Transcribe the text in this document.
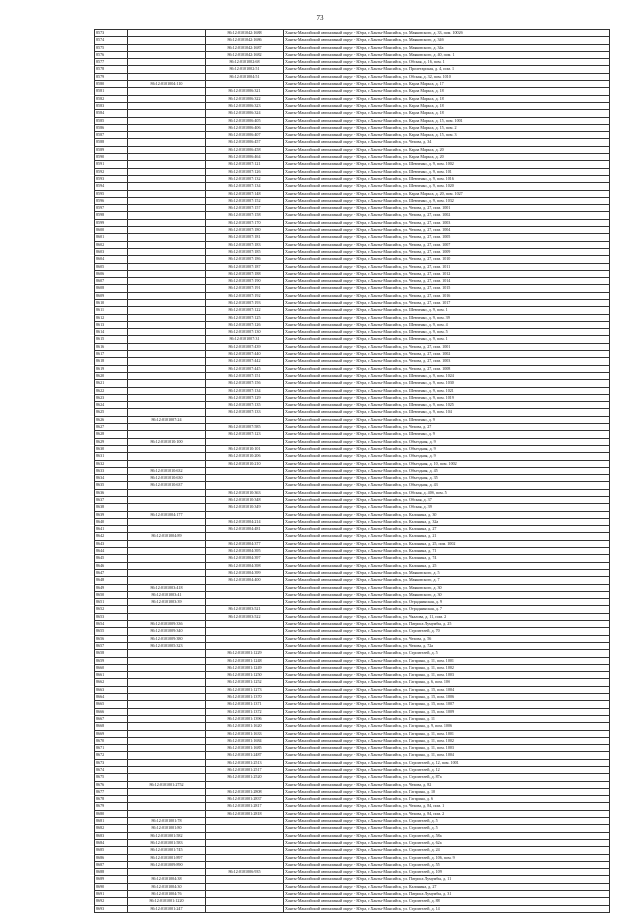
73
8573		86:12:0101042:1688	Ханты-Мансийский автономный округ - Югра, г.Ханты-Мансийск, ул. Маяковского, д. 33, пом. 1002б
8574		86:12:0101042:1686	Ханты-Мансийский автономный округ - Югра, г.Ханты-Мансийск, ул. Маяковского, д. 34б
8575		86:12:0101042:1687	Ханты-Мансийский автономный округ - Югра, г.Ханты-Мансийск, ул. Маяковского, д. 34а
8576		86:12:0101042:1682	Ханты-Мансийский автономный округ - Югра, г.Ханты-Мансийск, ул. Маяковского, д. 40, пом. 1
8577		86:12:0101002:68	Ханты-Мансийский автономный округ - Югра, г.Ханты-Мансийск, ул. Обская, д. 16, пом. 1
8578		86:12:0101002:51	Ханты-Мансийский автономный округ - Югра, г.Ханты-Мансийск, ул. Пролетарская, д. 4, пом. 1
8579		86:12:0101004:51	Ханты-Мансийский автономный округ - Югра, г.Ханты-Мансийск, ул. Обская, д. 32, пом. 1010
8580	86:12:0101004:110		Ханты-Мансийский автономный округ - Югра, г.Ханты-Мансийск, ул. Карла Маркса, д. 17
8581		86:12:0101006:321	Ханты-Мансийский автономный округ - Югра, г.Ханты-Мансийск, ул. Карла Маркса, д. 18
8582		86:12:0101006:322	Ханты-Мансийский автономный округ - Югра, г.Ханты-Мансийск, ул. Карла Маркса, д. 18
8583		86:12:0101006:323	Ханты-Мансийский автономный округ - Югра, г.Ханты-Мансийск, ул. Карла Маркса, д. 18
8584		86:12:0101006:324	Ханты-Мансийский автономный округ - Югра, г.Ханты-Мансийск, ул. Карла Маркса, д. 18
8585		86:12:0101006:405	Ханты-Мансийский автономный округ - Югра, г.Ханты-Мансийск, ул. Карла Маркса, д. 15, пом. 1001
8586		86:12:0101006:406	Ханты-Мансийский автономный округ - Югра, г.Ханты-Мансийск, ул. Карла Маркса, д. 15, пом. 2
8587		86:12:0101006:407	Ханты-Мансийский автономный округ - Югра, г.Ханты-Мансийск, ул. Карла Маркса, д. 15, пом. 3
8588		86:12:0101006:457	Ханты-Мансийский автономный округ - Югра, г.Ханты-Мансийск, ул. Чехова, д. 34
8589		86:12:0101006:458	Ханты-Мансийский автономный округ - Югра, г.Ханты-Мансийск, ул. Карла Маркса, д. 20
8590		86:12:0101006:464	Ханты-Мансийский автономный округ - Югра, г.Ханты-Мансийск, ул. Карла Маркса, д. 20
8591		86:12:0101007:121	Ханты-Мансийский автономный округ - Югра, г.Ханты-Мансийск, ул. Шевченко, д. 9, пом. 1002
8592		86:12:0101007:126	Ханты-Мансийский автономный округ - Югра, г.Ханты-Мансийск, ул. Шевченко, д. 9, пом. 101
8593		86:12:0101007:132	Ханты-Мансийский автономный округ - Югра, г.Ханты-Мансийск, ул. Шевченко, д. 9, пом. 1016
8594		86:12:0101007:134	Ханты-Мансийский автономный округ - Югра, г.Ханты-Мансийск, ул. Шевченко, д. 9, пом. 1020
8595		86:12:0101007:148	Ханты-Мансийский автономный округ - Югра, г.Ханты-Мансийск, ул. Карла Маркса, д. 20, пом. 1027
8596		86:12:0101007:152	Ханты-Мансийский автономный округ - Югра, г.Ханты-Мансийск, ул. Шевченко, д. 9, пом. 1032
8597		86:12:0101007:157	Ханты-Мансийский автономный округ - Югра, г.Ханты-Мансийск, ул. Чехова, д. 27, пом. 1001
8598		86:12:0101007:158	Ханты-Мансийский автономный округ - Югра, г.Ханты-Мансийск, ул. Чехова, д. 27, пом. 1002
8599		86:12:0101007:170	Ханты-Мансийский автономный округ - Югра, г.Ханты-Мансийск, ул. Чехова, д. 27, пом. 1003
8600		86:12:0101007:180	Ханты-Мансийский автономный округ - Югра, г.Ханты-Мансийск, ул. Чехова, д. 27, пом. 1004
8601		86:12:0101007:181	Ханты-Мансийский автономный округ - Югра, г.Ханты-Мансийск, ул. Чехова, д. 27, пом. 1005
8602		86:12:0101007:183	Ханты-Мансийский автономный округ - Югра, г.Ханты-Мансийск, ул. Чехова, д. 27, пом. 1007
8603		86:12:0101007:185	Ханты-Мансийский автономный округ - Югра, г.Ханты-Мансийск, ул. Чехова, д. 27, пом. 1009
8604		86:12:0101007:186	Ханты-Мансийский автономный округ - Югра, г.Ханты-Мансийск, ул. Чехова, д. 27, пом. 1010
8605		86:12:0101007:187	Ханты-Мансийский автономный округ - Югра, г.Ханты-Мансийск, ул. Чехова, д. 27, пом. 1011
8606		86:12:0101007:188	Ханты-Мансийский автономный округ - Югра, г.Ханты-Мансийск, ул. Чехова, д. 27, пом. 1012
8607		86:12:0101007:190	Ханты-Мансийский автономный округ - Югра, г.Ханты-Мансийск, ул. Чехова, д. 27, пом. 1014
8608		86:12:0101007:191	Ханты-Мансийский автономный округ - Югра, г.Ханты-Мансийск, ул. Чехова, д. 27, пом. 1015
8609		86:12:0101007:192	Ханты-Мансийский автономный округ - Югра, г.Ханты-Мансийск, ул. Чехова, д. 27, пом. 1016
8610		86:12:0101007:193	Ханты-Мансийский автономный округ - Югра, г.Ханты-Мансийск, ул. Чехова, д. 27, пом. 1017
8611		86:12:0101007:122	Ханты-Мансийский автономный округ - Югра, г.Ханты-Мансийск, ул. Шевченко, д. 9, пом. 1
8612		86:12:0101007:125	Ханты-Мансийский автономный округ - Югра, г.Ханты-Мансийск, ул. Шевченко, д. 9, пом. 39
8613		86:12:0101007:126	Ханты-Мансийский автономный округ - Югра, г.Ханты-Мансийск, ул. Шевченко, д. 9, пом. 4
8614		86:12:0101007:130	Ханты-Мансийский автономный округ - Югра, г.Ханты-Мансийск, ул. Шевченко, д. 9, пом. 5
8615		86:12:0101007:31	Ханты-Мансийский автономный округ - Югра, г.Ханты-Мансийск, ул. Шевченко, д. 9, пом. 1
8616		86:12:0101007:439	Ханты-Мансийский автономный округ - Югра, г.Ханты-Мансийск, ул. Чехова, д. 27, пом. 1001
8617		86:12:0101007:440	Ханты-Мансийский автономный округ - Югра, г.Ханты-Мансийск, ул. Чехова, д. 27, пом. 1002
8618		86:12:0101007:442	Ханты-Мансийский автономный округ - Югра, г.Ханты-Мансийск, ул. Чехова, д. 27, пом. 1003
8619		86:12:0101007:445	Ханты-Мансийский автономный округ - Югра, г.Ханты-Мансийск, ул. Чехова, д. 27, пом. 1008
8620		86:12:0101007:151	Ханты-Мансийский автономный округ - Югра, г.Ханты-Мансийск, ул. Шевченко, д. 9, пом. 1024
8621		86:12:0101007:156	Ханты-Мансийский автономный округ - Югра, г.Ханты-Мансийск, ул. Шевченко, д. 9, пом. 1030
8622		86:12:0101007:134	Ханты-Мансийский автономный округ - Югра, г.Ханты-Мансийск, ул. Шевченко, д. 9, пом. 1021
8623		86:12:0101007:129	Ханты-Мансийский автономный округ - Югра, г.Ханты-Мансийск, ул. Шевченко, д. 9, пом. 1019
8624		86:12:0101007:135	Ханты-Мансийский автономный округ - Югра, г.Ханты-Мансийск, ул. Шевченко, д. 9, пом. 1025
8625		86:12:0101007:133	Ханты-Мансийский автономный округ - Югра, г.Ханты-Мансийск, ул. Шевченко, д. 9, пом. 104
8626	86:12:0101007:24		Ханты-Мансийский автономный округ - Югра, г.Ханты-Мансийск, ул. Шевченко, д. 9
8627		86:12:0101007:585	Ханты-Мансийский автономный округ - Югра, г.Ханты-Мансийск, ул. Чехова, д. 27
8628		86:12:0101007:123	Ханты-Мансийский автономный округ - Югра, г.Ханты-Мансийск, ул. Шевченко, д. 9
8629	86:12:0101010:100		Ханты-Мансийский автономный округ - Югра, г.Ханты-Мансийск, ул. Объездная, д. 9
8630		86:12:0101010:101	Ханты-Мансийский автономный округ - Югра, г.Ханты-Мансийск, ул. Объездная, д. 9
8631		86:12:0101010:206	Ханты-Мансийский автономный округ - Югра, г.Ханты-Мансийск, ул. Объездная, д. 9
8632		86:12:0101010:210	Ханты-Мансийский автономный округ - Югра, г.Ханты-Мансийск, ул. Объездная, д. 10, пом. 1002
8633	86:12:0101010:632		Ханты-Мансийский автономный округ - Югра, г.Ханты-Мансийск, ул. Объездная, д. 45
8634	86:12:0101010:630		Ханты-Мансийский автономный округ - Югра, г.Ханты-Мансийск, ул. Объездная, д. 35
8635	86:12:0101010:637		Ханты-Мансийский автономный округ - Югра, г.Ханты-Мансийск, ул. Объездная, д. 43
8636		86:12:0101010:363	Ханты-Мансийский автономный округ - Югра, г.Ханты-Мансийск, ул. Обская, д. 40б, пом. 5
8637		86:12:0101010:348	Ханты-Мансийский автономный округ - Югра, г.Ханты-Мансийск, ул. Обская, д. 37
8638		86:12:0101010:349	Ханты-Мансийский автономный округ - Югра, г.Ханты-Мансийск, ул. Обская, д. 39
8639	86:12:0101004:177		Ханты-Мансийский автономный округ - Югра, г.Ханты-Мансийск, ул. Калинина, д. 30
8640		86:12:0101004:214	Ханты-Мансийский автономный округ - Югра, г.Ханты-Мансийск, ул. Калинина, д. 32а
8641		86:12:0101004:481	Ханты-Мансийский автономный округ - Югра, г.Ханты-Мансийск, ул. Калинина, д. 27
8642	86:12:0101004:89		Ханты-Мансийский автономный округ - Югра, г.Ханты-Мансийск, ул. Калинина, д. 21
8643		86:12:0101004:377	Ханты-Мансийский автономный округ - Югра, г.Ханты-Мансийск, ул. Калинина, д. 25, пом. 1002
8644		86:12:0101004:395	Ханты-Мансийский автономный округ - Югра, г.Ханты-Мансийск, ул. Калинина, д. 71
8645		86:12:0101004:397	Ханты-Мансийский автономный округ - Югра, г.Ханты-Мансийск, ул. Калинина, д. 74
8646		86:12:0101004:398	Ханты-Мансийский автономный округ - Югра, г.Ханты-Мансийск, ул. Калинина, д. 25
8647		86:12:0101004:399	Ханты-Мансийский автономный округ - Югра, г.Ханты-Мансийск, ул. Маяковского, д. 5
8648		86:12:0101004:400	Ханты-Мансийский автономный округ - Югра, г.Ханты-Мансийск, ул. Маяковского, д. 7
8649	86:12:0101003:418		Ханты-Мансийский автономный округ - Югра, г.Ханты-Мансийск, ул. Маяковского, д. 30
8650	86:12:0101003:41		Ханты-Мансийский автономный округ - Югра, г.Ханты-Мансийск, ул. Маяковского, д. 30
8651	86:12:0101003:39		Ханты-Мансийский автономный округ - Югра, г.Ханты-Мансийск, ул. Отраднинская, д. 9
8652		86:12:0101003:521	Ханты-Мансийский автономный округ - Югра, г.Ханты-Мансийск, ул. Отраднинская, д. 7
8653		86:12:0101003:522	Ханты-Мансийский автономный округ - Югра, г.Ханты-Мансийск, ул. Чкалова, д. 11, пом. 2
8654	86:12:0101009:336		Ханты-Мансийский автономный округ - Югра, г.Ханты-Мансийск, ул. Патриса Лумумбы, д. 25
8655	86:12:0101009:340		Ханты-Мансийский автономный округ - Югра, г.Ханты-Мансийск, ул. Строителей, д. 70
8656	86:12:0101009:380		Ханты-Мансийский автономный округ - Югра, г.Ханты-Мансийск, ул. Чехова, д. 56
8657	86:12:0101005:323		Ханты-Мансийский автономный округ - Югра, г.Ханты-Мансийск, ул. Чехова, д. 72а
8658		86:12:0101001:1229	Ханты-Мансийский автономный округ - Югра, г.Ханты-Мансийск, ул. Строителей, д. 5
8659		86:12:0101001:1248	Ханты-Мансийский автономный округ - Югра, г.Ханты-Мансийск, ул. Гагарина, д. 11, пом. 1001
8660		86:12:0101001:1249	Ханты-Мансийский автономный округ - Югра, г.Ханты-Мансийск, ул. Гагарина, д. 11, пом. 1002
8661		86:12:0101001:1250	Ханты-Мансийский автономный округ - Югра, г.Ханты-Мансийск, ул. Гагарина, д. 11, пом. 1003
8662		86:12:0101001:1252	Ханты-Мансийский автономный округ - Югра, г.Ханты-Мансийск, ул. Гагарина, д. 6, пом. 10б
8663		86:12:0101001:1273	Ханты-Мансийский автономный округ - Югра, г.Ханты-Мансийск, ул. Гагарина, д. 15, пом. 1004
8664		86:12:0101001:1370	Ханты-Мансийский автономный округ - Югра, г.Ханты-Мансийск, ул. Гагарина, д. 15, пом. 1006
8665		86:12:0101001:1371	Ханты-Мансийский автономный округ - Югра, г.Ханты-Мансийск, ул. Гагарина, д. 15, пом. 1007
8666		86:12:0101001:1372	Ханты-Мансийский автономный округ - Югра, г.Ханты-Мансийск, ул. Гагарина, д. 15, пом. 1009
8667		86:12:0101001:1396	Ханты-Мансийский автономный округ - Югра, г.Ханты-Мансийск, ул. Гагарина, д. 11
8668		86:12:0101001:1620	Ханты-Мансийский автономный округ - Югра, г.Ханты-Мансийск, ул. Гагарина, д. 9, пом. 1006
8669		86:12:0101001:1633	Ханты-Мансийский автономный округ - Югра, г.Ханты-Мансийск, ул. Гагарина, д. 11, пом. 1001
8670		86:12:0101001:1684	Ханты-Мансийский автономный округ - Югра, г.Ханты-Мансийск, ул. Гагарина, д. 11, пом. 1002
8671		86:12:0101001:1685	Ханты-Мансийский автономный округ - Югра, г.Ханты-Мансийск, ул. Гагарина, д. 11, пом. 1003
8672		86:12:0101001:2487	Ханты-Мансийский автономный округ - Югра, г.Ханты-Мансийск, ул. Гагарина, д. 11, пом. 1004
8673		86:12:0101001:2513	Ханты-Мансийский автономный округ - Югра, г.Ханты-Мансийск, ул. Строителей, д. 12, пом. 1001
8674		86:12:0101001:2517	Ханты-Мансийский автономный округ - Югра, г.Ханты-Мансийск, ул. Строителей, д. 12
8675		86:12:0101001:2520	Ханты-Мансийский автономный округ - Югра, г.Ханты-Мансийск, ул. Строителей, д. 87а
8676	86:12:0101001:2752		Ханты-Мансийский автономный округ - Югра, г.Ханты-Мансийск, ул. Чехова, д. 82
8677		86:12:0101001:2808	Ханты-Мансийский автономный округ - Югра, г.Ханты-Мансийск, ул. Гагарина, д. 10
8678		86:12:0101001:2837	Ханты-Мансийский автономный округ - Югра, г.Ханты-Мансийск, ул. Гагарина, д. 6
8679		86:12:0101001:2817	Ханты-Мансийский автономный округ - Югра, г.Ханты-Мансийск, ул. Чехова, д. 84, пом. 1
8680		86:12:0101001:2818	Ханты-Мансийский автономный округ - Югра, г.Ханты-Мансийск, ул. Чехова, д. 84, пом. 2
8681	86:12:0101001:78		Ханты-Мансийский автономный округ - Югра, г.Ханты-Мансийск, ул. Строителей, д. 5
8682	86:12:0101001:80		Ханты-Мансийский автономный округ - Югра, г.Ханты-Мансийск, ул. Строителей, д. 5
8683	86:12:0101001:582		Ханты-Мансийский автономный округ - Югра, г.Ханты-Мансийск, ул. Строителей, д. 58а
8684	86:12:0101001:583		Ханты-Мансийский автономный округ - Югра, г.Ханты-Мансийск, ул. Строителей, д. 62а
8685	86:12:0101001:745		Ханты-Мансийский автономный округ - Югра, г.Ханты-Мансийск, ул. Строителей, д. 24
8686	86:12:0101001:897		Ханты-Мансийский автономный округ - Югра, г.Ханты-Мансийск, ул. Строителей, д. 106, пом. 9
8687	86:12:0101009:890		Ханты-Мансийский автономный округ - Югра, г.Ханты-Мансийск, ул. Строителей, д. 55
8688		86:12:0101006:935	Ханты-Мансийский автономный округ - Югра, г.Ханты-Мансийск, ул. Строителей, д. 109
8689	86:12:0101004:38		Ханты-Мансийский автономный округ - Югра, г.Ханты-Мансийск, ул. Патриса Лумумбы, д. 11
8690	86:12:0101004:30		Ханты-Мансийский автономный округ - Югра, г.Ханты-Мансийск, ул. Калинина, д. 27
8691	86:12:0101004:76		Ханты-Мансийский автономный округ - Югра, г.Ханты-Мансийск, ул. Патриса Лумумбы, д. 31
8692	86:12:0101001:1220		Ханты-Мансийский автономный округ - Югра, г.Ханты-Мансийск, ул. Строителей, д. 88
8693	86:12:0101001:247		Ханты-Мансийский автономный округ - Югра, г.Ханты-Мансийск, ул. Строителей, д. 14
